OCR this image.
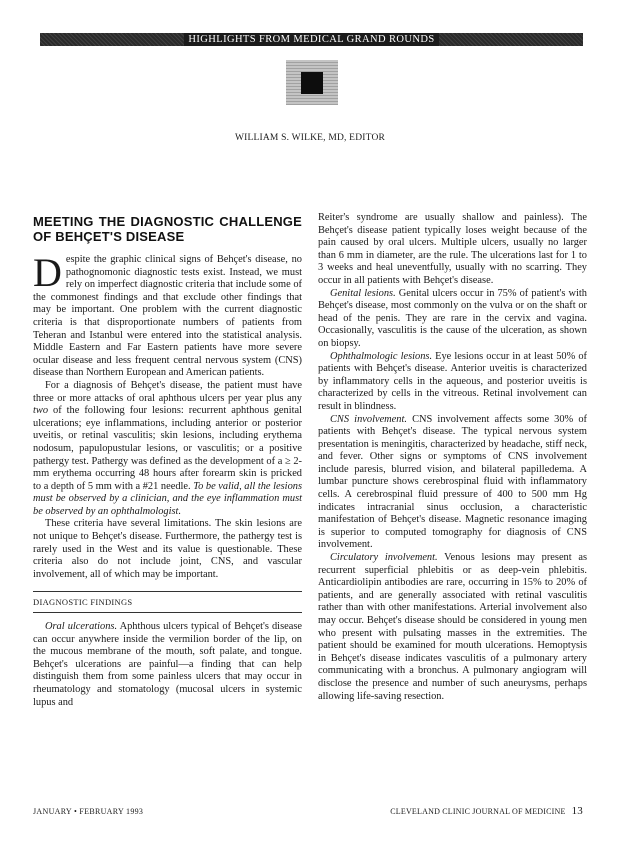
HIGHLIGHTS FROM MEDICAL GRAND ROUNDS
WILLIAM S. WILKE, MD, EDITOR
MEETING THE DIAGNOSTIC CHALLENGE OF BEHÇET'S DISEASE

Despite the graphic clinical signs of Behçet's disease, no pathognomonic diagnostic tests exist. Instead, we must rely on imperfect diagnostic criteria that include some of the commonest findings and that exclude other findings that may be important. One problem with the current diagnostic criteria is that disproportionate numbers of patients from Teheran and Istanbul were entered into the statistical analysis. Middle Eastern and Far Eastern patients have more severe ocular disease and less frequent central nervous system (CNS) disease than Northern European and American patients.

For a diagnosis of Behçet's disease, the patient must have three or more attacks of oral aphthous ulcers per year plus any two of the following four lesions: recurrent aphthous genital ulcerations; eye inflammations, including anterior or posterior uveitis, or retinal vasculitis; skin lesions, including erythema nodosum, papulopustular lesions, or vasculitis; or a positive pathergy test. Pathergy was defined as the development of a ≥ 2-mm erythema occurring 48 hours after forearm skin is pricked to a depth of 5 mm with a #21 needle. To be valid, all the lesions must be observed by a clinician, and the eye inflammation must be observed by an ophthalmologist.

These criteria have several limitations. The skin lesions are not unique to Behçet's disease. Furthermore, the pathergy test is rarely used in the West and its value is questionable. These criteria also do not include joint, CNS, and vascular involvement, all of which may be important.

DIAGNOSTIC FINDINGS

Oral ulcerations. Aphthous ulcers typical of Behçet's disease can occur anywhere inside the vermilion border of the lip, on the mucous membrane of the mouth, soft palate, and tongue. Behçet's ulcerations are painful—a finding that can help distinguish them from some painless ulcers that may occur in rheumatology and stomatology (mucosal ulcers in systemic lupus and

Reiter's syndrome are usually shallow and painless). The Behçet's disease patient typically loses weight because of the pain caused by oral ulcers. Multiple ulcers, usually no larger than 6 mm in diameter, are the rule. The ulcerations last for 1 to 3 weeks and heal uneventfully, usually with no scarring. They occur in all patients with Behçet's disease.

Genital lesions. Genital ulcers occur in 75% of patient's with Behçet's disease, most commonly on the vulva or on the shaft or head of the penis. They are rare in the cervix and vagina. Occasionally, vasculitis is the cause of the ulceration, as shown on biopsy.

Ophthalmologic lesions. Eye lesions occur in at least 50% of patients with Behçet's disease. Anterior uveitis is characterized by inflammatory cells in the aqueous, and posterior uveitis is characterized by cells in the vitreous. Retinal involvement can result in blindness.

CNS involvement. CNS involvement affects some 30% of patients with Behçet's disease. The typical nervous system presentation is meningitis, characterized by headache, stiff neck, and fever. Other signs or symptoms of CNS involvement include paresis, blurred vision, and bilateral papilledema. A lumbar puncture shows cerebrospinal fluid with inflammatory cells. A cerebrospinal fluid pressure of 400 to 500 mm Hg indicates intracranial sinus occlusion, a characteristic manifestation of Behçet's disease. Magnetic resonance imaging is superior to computed tomography for diagnosis of CNS involvement.

Circulatory involvement. Venous lesions may present as recurrent superficial phlebitis or as deep-vein phlebitis. Anticardiolipin antibodies are rare, occurring in 15% to 20% of patients, and are generally associated with retinal vasculitis rather than with other manifestations. Arterial involvement also may occur. Behçet's disease should be considered in young men who present with pulsating masses in the extremities. The patient should be examined for mouth ulcerations. Hemoptysis in Behçet's disease indicates vasculitis of a pulmonary artery communicating with a bronchus. A pulmonary angiogram will disclose the presence and number of such aneurysms, perhaps allowing life-saving resection.

JANUARY • FEBRUARY 1993	CLEVELAND CLINIC JOURNAL OF MEDICINE 13
